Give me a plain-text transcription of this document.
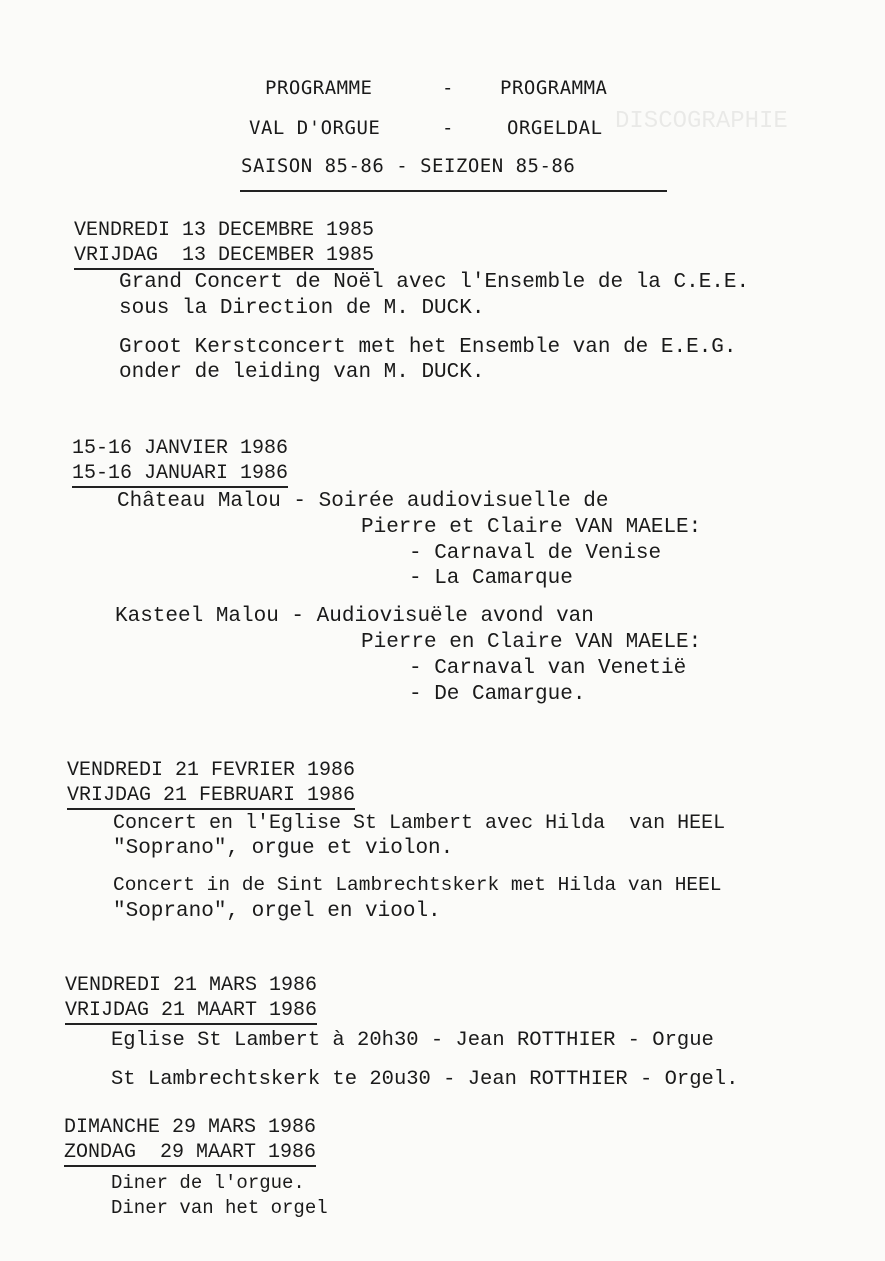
DISCOGRAPHIE
PROGRAMME	- PROGRAMMA
VAL D'ORGUE	-	ORGELDAL
SAISON 85-86 - SEIZOEN 85-86
VENDREDI 13 DECEMBRE 1985
VRIJDAG  13 DECEMBER 1985
Grand Concert de Noël avec l'Ensemble de la C.E.E.
sous la Direction de M. DUCK.
Groot Kerstconcert met het Ensemble van de E.E.G.
onder de leiding van M. DUCK.
15-16 JANVIER 1986
15-16 JANUARI 1986
Château Malou - Soirée audiovisuelle de
Pierre et Claire VAN MAELE:
- Carnaval de Venise
- La Camarque
Kasteel Malou - Audiovisuële avond van
Pierre en Claire VAN MAELE:
- Carnaval van Venetië
- De Camargue.
VENDREDI 21 FEVRIER 1986
VRIJDAG 21 FEBRUARI 1986
Concert en l'Eglise St Lambert avec Hilda  van HEEL
"Soprano", orgue et violon.
Concert in de Sint Lambrechtskerk met Hilda van HEEL
"Soprano", orgel en viool.
VENDREDI 21 MARS 1986
VRIJDAG 21 MAART 1986
Eglise St Lambert à 20h30 - Jean ROTTHIER - Orgue
St Lambrechtskerk te 20u30 - Jean ROTTHIER - Orgel.
DIMANCHE 29 MARS 1986
ZONDAG  29 MAART 1986
Diner de l'orgue.
Diner van het orgel
